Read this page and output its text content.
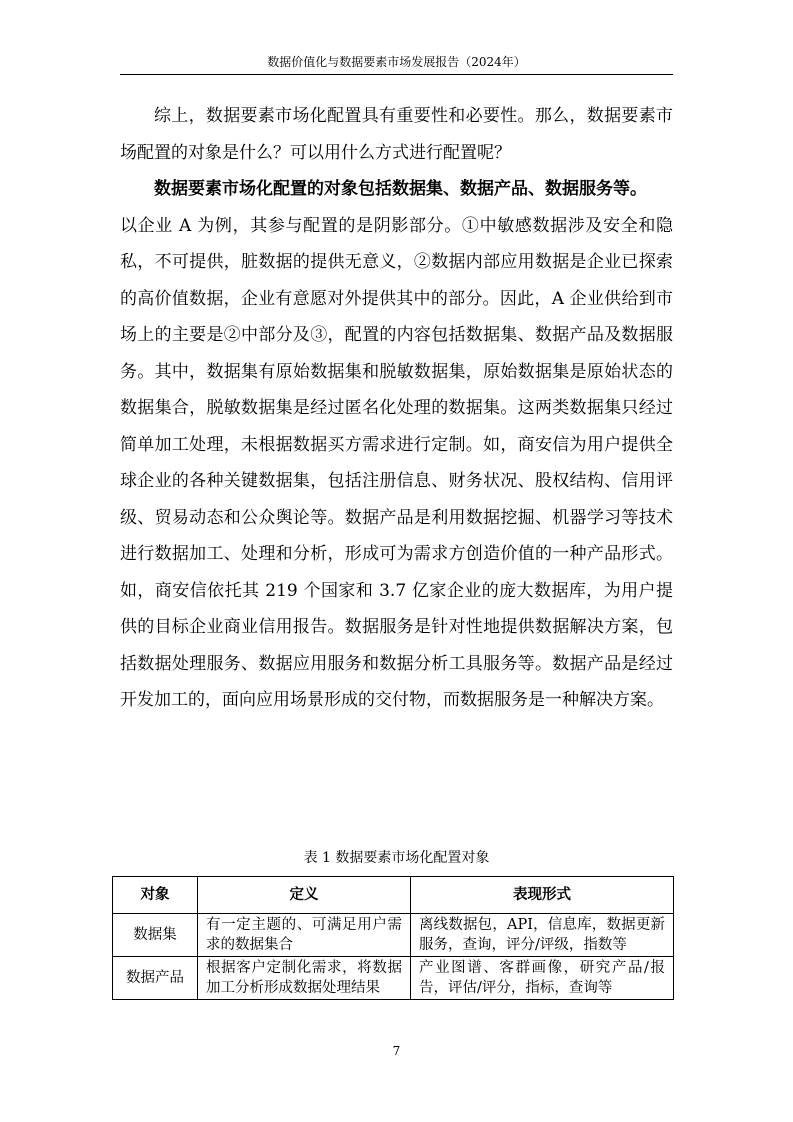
数据价值化与数据要素市场发展报告（2024年）

综上，数据要素市场化配置具有重要性和必要性。那么，数据要素市场配置的对象是什么？可以用什么方式进行配置呢？

数据要素市场化配置的对象包括数据集、数据产品、数据服务等。

以企业 A 为例，其参与配置的是阴影部分。①中敏感数据涉及安全和隐私，不可提供，脏数据的提供无意义，②数据内部应用数据是企业已探索的高价值数据，企业有意愿对外提供其中的部分。因此，A 企业供给到市场上的主要是②中部分及③，配置的内容包括数据集、数据产品及数据服务。其中，数据集有原始数据集和脱敏数据集，原始数据集是原始状态的数据集合，脱敏数据集是经过匿名化处理的数据集。这两类数据集只经过简单加工处理，未根据数据买方需求进行定制。如，商安信为用户提供全球企业的各种关键数据集，包括注册信息、财务状况、股权结构、信用评级、贸易动态和公众舆论等。数据产品是利用数据挖掘、机器学习等技术进行数据加工、处理和分析，形成可为需求方创造价值的一种产品形式。如，商安信依托其 219 个国家和 3.7 亿家企业的庞大数据库，为用户提供的目标企业商业信用报告。数据服务是针对性地提供数据解决方案，包括数据处理服务、数据应用服务和数据分析工具服务等。数据产品是经过开发加工的，面向应用场景形成的交付物，而数据服务是一种解决方案。

表 1 数据要素市场化配置对象
对象	定义	表现形式
数据集	有一定主题的、可满足用户需求的数据集合	离线数据包，API，信息库，数据更新服务，查询，评分/评级，指数等
数据产品	根据客户定制化需求，将数据加工分析形成数据处理结果	产业图谱、客群画像，研究产品/报告，评估/评分，指标，查询等
7
